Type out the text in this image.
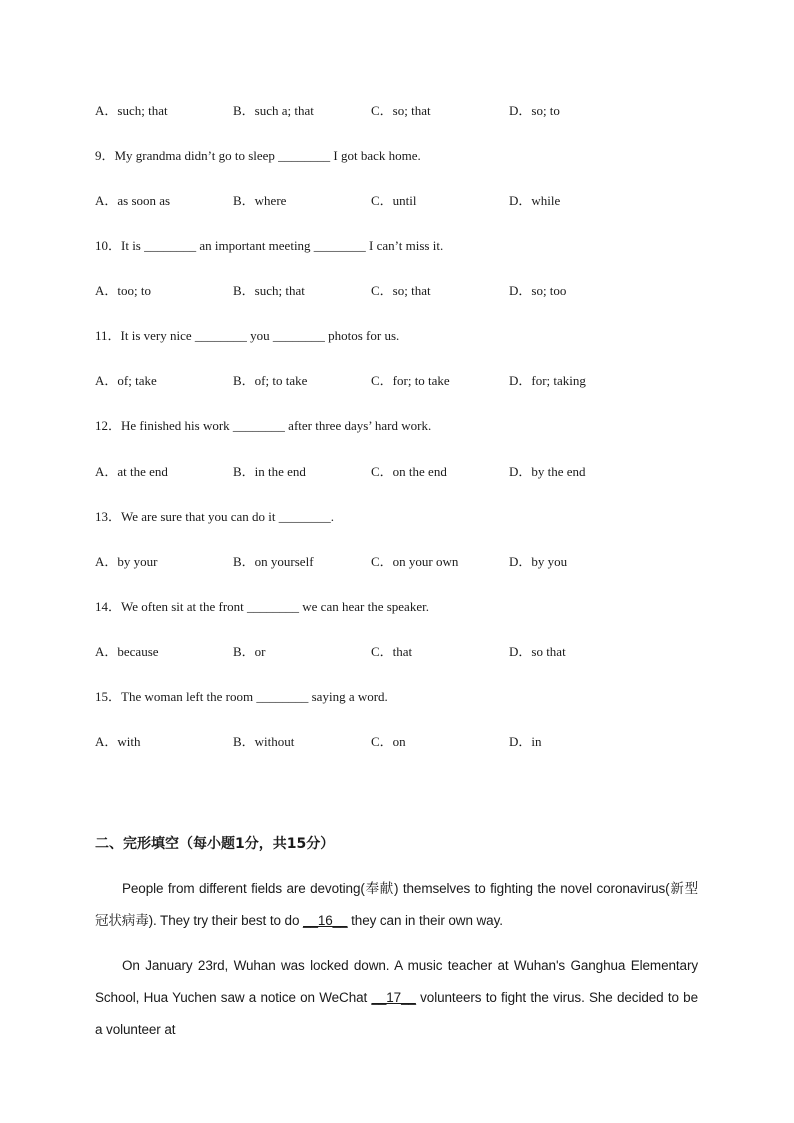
A．such; that	B．such a; that	C．so; that	D．so; to
9．My grandma didn’t go to sleep ________ I got back home.
A．as soon as	B．where	C．until	D．while
10．It is ________ an important meeting ________ I can’t miss it.
A．too; to	B．such; that	C．so; that	D．so; too
11．It is very nice ________ you ________ photos for us.
A．of; take	B．of; to take	C．for; to take	D．for; taking
12．He finished his work ________ after three days’ hard work.
A．at the end	B．in the end	C．on the end	D．by the end
13．We are sure that you can do it ________.
A．by your	B．on yourself	C．on your own	D．by you
14．We often sit at the front ________ we can hear the speaker.
A．because	B．or	C．that	D．so that
15．The woman left the room ________ saying a word.
A．with	B．without	C．on	D．in
二、完形填空（每小题1分，共15分）
People from different fields are devoting(奉献) themselves to fighting the novel coronavirus(新型冠状病毒). They try their best to do __16__ they can in their own way.
On January 23rd, Wuhan was locked down. A music teacher at Wuhan's Ganghua Elementary School, Hua Yuchen saw a notice on WeChat __17__ volunteers to fight the virus. She decided to be a volunteer at
